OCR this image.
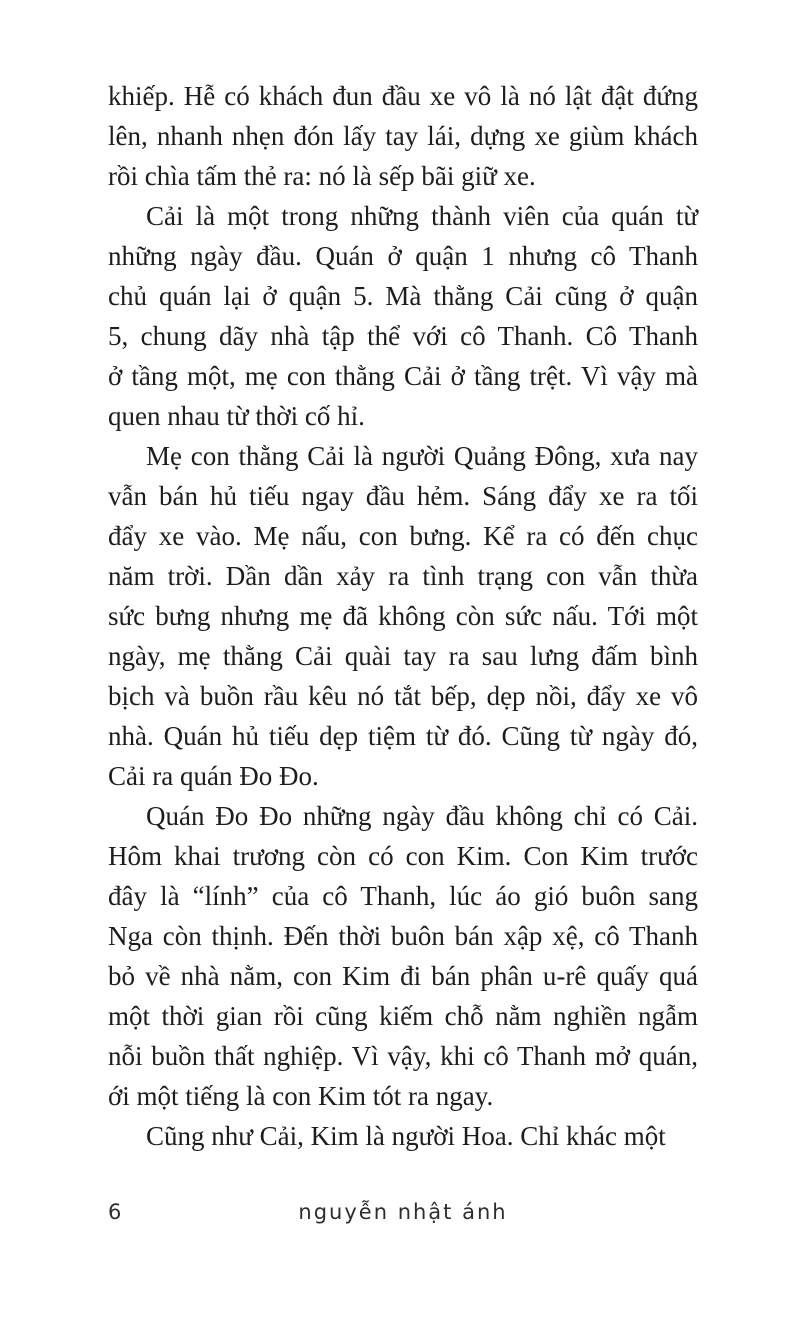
khiếp. Hễ có khách đun đầu xe vô là nó lật đật đứng
lên, nhanh nhẹn đón lấy tay lái, dựng xe giùm khách
rồi chìa tấm thẻ ra: nó là sếp bãi giữ xe.
Cải là một trong những thành viên của quán từ
những ngày đầu. Quán ở quận 1 nhưng cô Thanh
chủ quán lại ở quận 5. Mà thằng Cải cũng ở quận
5, chung dãy nhà tập thể với cô Thanh. Cô Thanh
ở tầng một, mẹ con thằng Cải ở tầng trệt. Vì vậy mà
quen nhau từ thời cố hỉ.
Mẹ con thằng Cải là người Quảng Đông, xưa nay
vẫn bán hủ tiếu ngay đầu hẻm. Sáng đẩy xe ra tối
đẩy xe vào. Mẹ nấu, con bưng. Kể ra có đến chục
năm trời. Dần dần xảy ra tình trạng con vẫn thừa
sức bưng nhưng mẹ đã không còn sức nấu. Tới một
ngày, mẹ thằng Cải quài tay ra sau lưng đấm bình
bịch và buồn rầu kêu nó tắt bếp, dẹp nồi, đẩy xe vô
nhà. Quán hủ tiếu dẹp tiệm từ đó. Cũng từ ngày đó,
Cải ra quán Đo Đo.
Quán Đo Đo những ngày đầu không chỉ có Cải.
Hôm khai trương còn có con Kim. Con Kim trước
đây là “lính” của cô Thanh, lúc áo gió buôn sang
Nga còn thịnh. Đến thời buôn bán xập xệ, cô Thanh
bỏ về nhà nằm, con Kim đi bán phân u-rê quấy quá
một thời gian rồi cũng kiếm chỗ nằm nghiền ngẫm
nỗi buồn thất nghiệp. Vì vậy, khi cô Thanh mở quán,
ới một tiếng là con Kim tót ra ngay.
Cũng như Cải, Kim là người Hoa. Chỉ khác một
6	nguyễn nhật ánh
